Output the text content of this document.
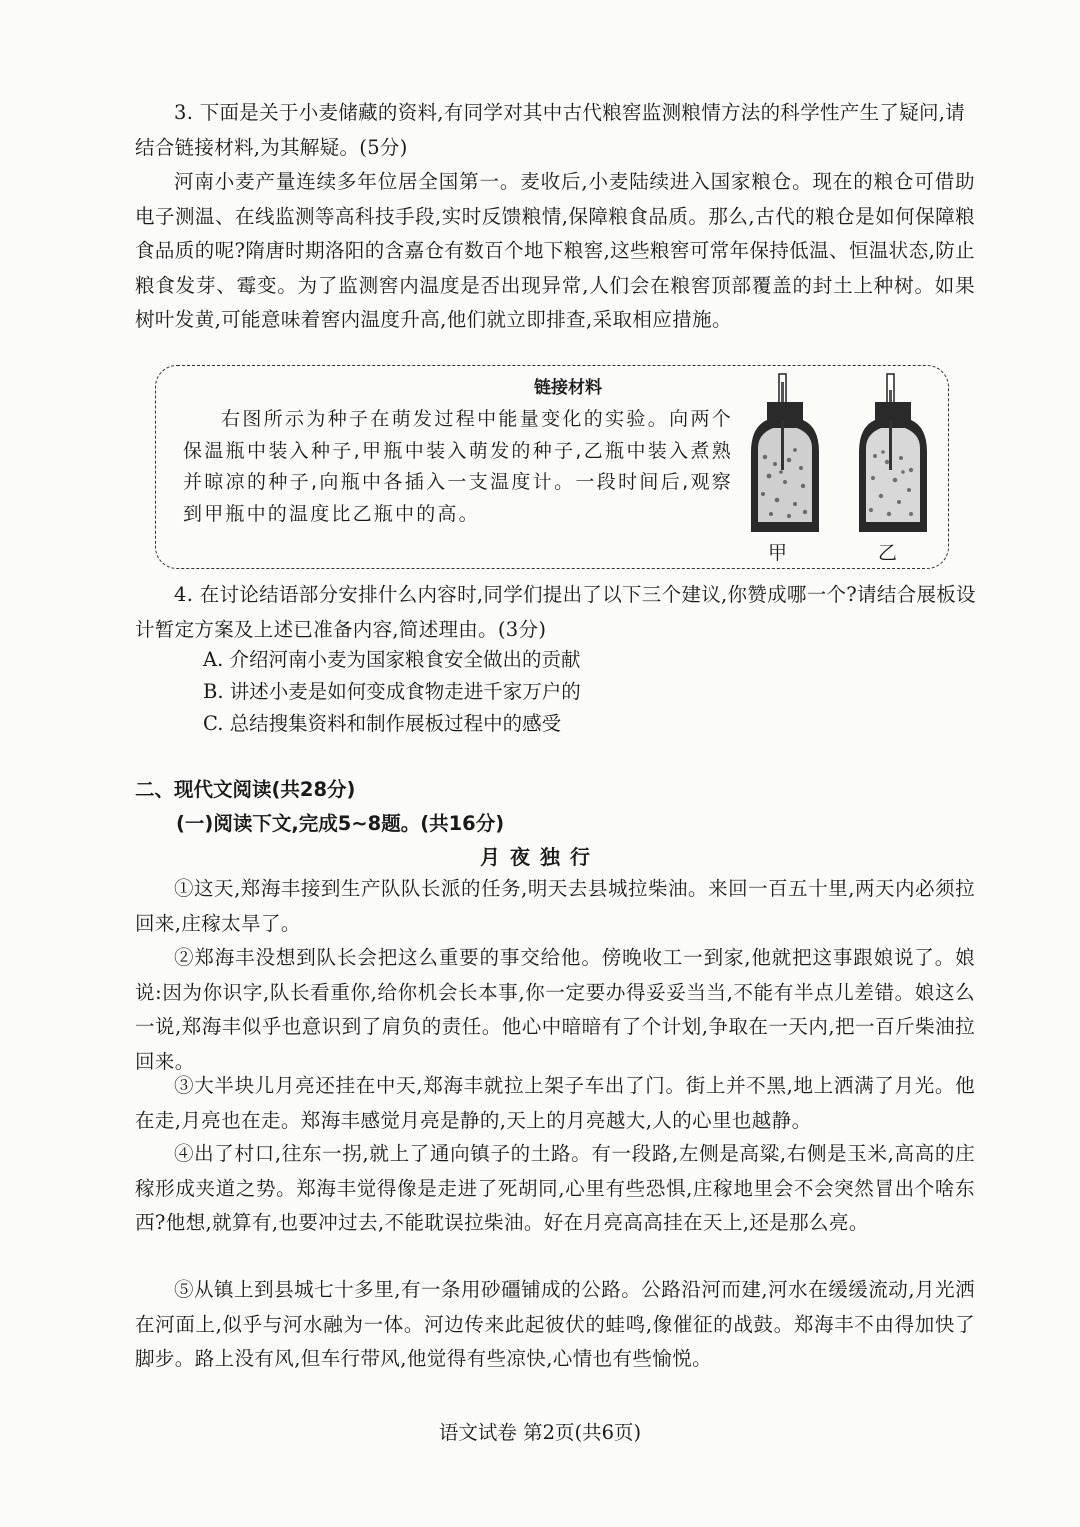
3. 下面是关于小麦储藏的资料,有同学对其中古代粮窖监测粮情方法的科学性产生了疑问,请结合链接材料,为其解疑。(5分)

河南小麦产量连续多年位居全国第一。麦收后,小麦陆续进入国家粮仓。现在的粮仓可借助电子测温、在线监测等高科技手段,实时反馈粮情,保障粮食品质。那么,古代的粮仓是如何保障粮食品质的呢?隋唐时期洛阳的含嘉仓有数百个地下粮窖,这些粮窖可常年保持低温、恒温状态,防止粮食发芽、霉变。为了监测窖内温度是否出现异常,人们会在粮窖顶部覆盖的封土上种树。如果树叶发黄,可能意味着窖内温度升高,他们就立即排查,采取相应措施。

链接材料

右图所示为种子在萌发过程中能量变化的实验。向两个保温瓶中装入种子,甲瓶中装入萌发的种子,乙瓶中装入煮熟并晾凉的种子,向瓶中各插入一支温度计。一段时间后,观察到甲瓶中的温度比乙瓶中的高。

甲	乙

4. 在讨论结语部分安排什么内容时,同学们提出了以下三个建议,你赞成哪一个?请结合展板设计暂定方案及上述已准备内容,简述理由。(3分)

A. 介绍河南小麦为国家粮食安全做出的贡献

B. 讲述小麦是如何变成食物走进千家万户的

C. 总结搜集资料和制作展板过程中的感受

二、现代文阅读(共28分)

(一)阅读下文,完成5~8题。(共16分)

月夜独行

①这天,郑海丰接到生产队队长派的任务,明天去县城拉柴油。来回一百五十里,两天内必须拉回来,庄稼太旱了。

②郑海丰没想到队长会把这么重要的事交给他。傍晚收工一到家,他就把这事跟娘说了。娘说:因为你识字,队长看重你,给你机会长本事,你一定要办得妥妥当当,不能有半点儿差错。娘这么一说,郑海丰似乎也意识到了肩负的责任。他心中暗暗有了个计划,争取在一天内,把一百斤柴油拉回来。

③大半块儿月亮还挂在中天,郑海丰就拉上架子车出了门。街上并不黑,地上洒满了月光。他在走,月亮也在走。郑海丰感觉月亮是静的,天上的月亮越大,人的心里也越静。

④出了村口,往东一拐,就上了通向镇子的土路。有一段路,左侧是高粱,右侧是玉米,高高的庄稼形成夹道之势。郑海丰觉得像是走进了死胡同,心里有些恐惧,庄稼地里会不会突然冒出个啥东西?他想,就算有,也要冲过去,不能耽误拉柴油。好在月亮高高挂在天上,还是那么亮。

⑤从镇上到县城七十多里,有一条用砂礓铺成的公路。公路沿河而建,河水在缓缓流动,月光洒在河面上,似乎与河水融为一体。河边传来此起彼伏的蛙鸣,像催征的战鼓。郑海丰不由得加快了脚步。路上没有风,但车行带风,他觉得有些凉快,心情也有些愉悦。

语文试卷 第2页(共6页)
